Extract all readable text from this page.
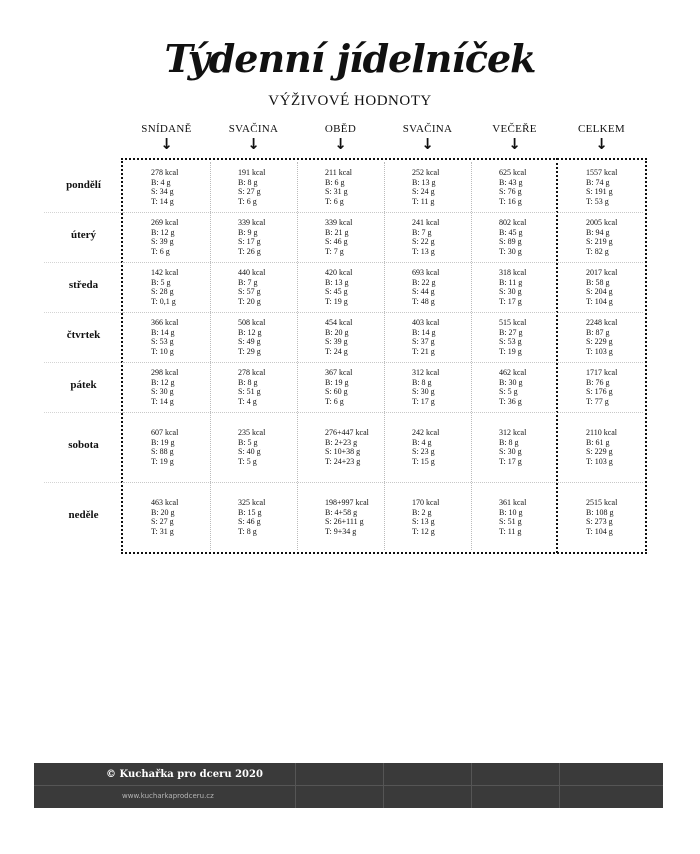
Týdenní jídelníček
VÝŽIVOVÉ HODNOTY
SNÍDANĚ
↓
SVAČINA
↓
OBĚD
↓
SVAČINA
↓
VEČEŘE
↓
CELKEM
↓
pondělí
278 kcal
B: 4 g
S: 34 g
T: 14 g
191 kcal
B: 8 g
S: 27 g
T: 6 g
211 kcal
B: 6 g
S: 31 g
T: 6 g
252 kcal
B: 13 g
S: 24 g
T: 11 g
625 kcal
B: 43 g
S: 76 g
T: 16 g
1557 kcal
B: 74 g
S: 191 g
T: 53 g
úterý
269 kcal
B: 12 g
S: 39 g
T: 6 g
339 kcal
B: 9 g
S: 17 g
T: 26 g
339 kcal
B: 21 g
S: 46 g
T: 7 g
241 kcal
B: 7 g
S: 22 g
T: 13 g
802 kcal
B: 45 g
S: 89 g
T: 30 g
2005 kcal
B: 94 g
S: 219 g
T: 82 g
středa
142 kcal
B: 5 g
S: 28 g
T: 0,1 g
440 kcal
B: 7 g
S: 57 g
T: 20 g
420 kcal
B: 13 g
S: 45 g
T: 19 g
693 kcal
B: 22 g
S: 44 g
T: 48 g
318 kcal
B: 11 g
S: 30 g
T: 17 g
2017 kcal
B: 58 g
S: 204 g
T: 104 g
čtvrtek
366 kcal
B: 14 g
S: 53 g
T: 10 g
508 kcal
B: 12 g
S: 49 g
T: 29 g
454 kcal
B: 20 g
S: 39 g
T: 24 g
403 kcal
B: 14 g
S: 37 g
T: 21 g
515 kcal
B: 27 g
S: 53 g
T: 19 g
2248 kcal
B: 87 g
S: 229 g
T: 103 g
pátek
298 kcal
B: 12 g
S: 30 g
T: 14 g
278 kcal
B: 8 g
S: 51 g
T: 4 g
367 kcal
B: 19 g
S: 60 g
T: 6 g
312 kcal
B: 8 g
S: 30 g
T: 17 g
462 kcal
B: 30 g
S: 5 g
T: 36 g
1717 kcal
B: 76 g
S: 176 g
T: 77 g
sobota
607 kcal
B: 19 g
S: 88 g
T: 19 g
235 kcal
B: 5 g
S: 40 g
T: 5 g
276+447 kcal
B: 2+23 g
S: 10+38 g
T: 24+23 g
242 kcal
B: 4 g
S: 23 g
T: 15 g
312 kcal
B: 8 g
S: 30 g
T: 17 g
2110 kcal
B: 61 g
S: 229 g
T: 103 g
neděle
463 kcal
B: 20 g
S: 27 g
T: 31 g
325 kcal
B: 15 g
S: 46 g
T: 8 g
198+997 kcal
B: 4+58 g
S: 26+111 g
T: 9+34 g
170 kcal
B: 2 g
S: 13 g
T: 12 g
361 kcal
B: 10 g
S: 51 g
T: 11 g
2515 kcal
B: 108 g
S: 273 g
T: 104 g
© Kuchařka pro dceru 2020
www.kucharkaprodceru.cz
